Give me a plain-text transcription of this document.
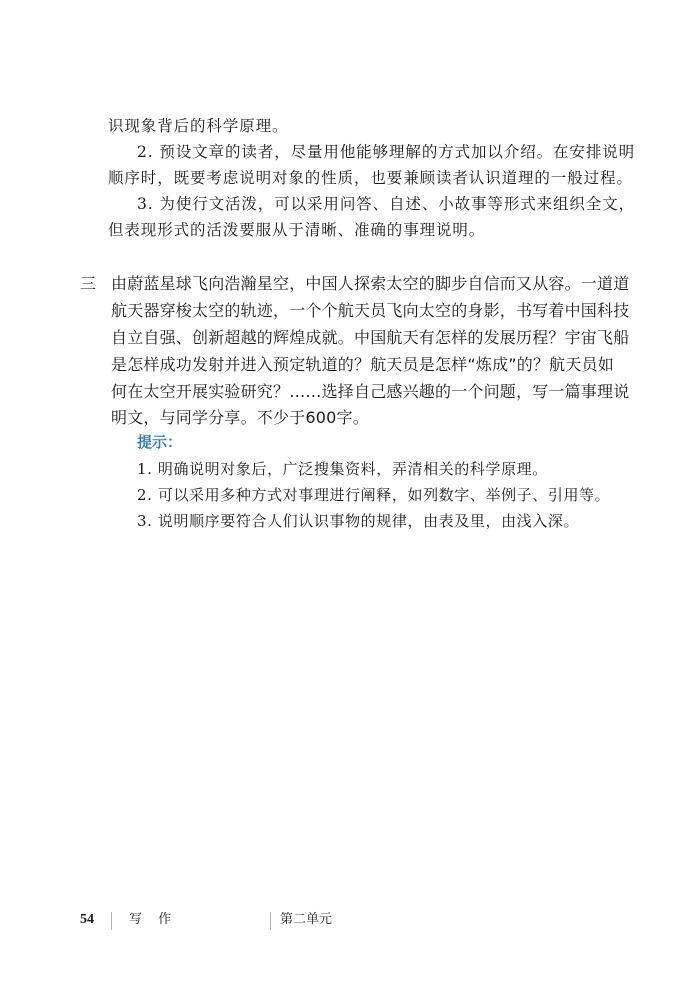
识现象背后的科学原理。
2. 预设文章的读者，尽量用他能够理解的方式加以介绍。在安排说明
顺序时，既要考虑说明对象的性质，也要兼顾读者认识道理的一般过程。
3. 为使行文活泼，可以采用问答、自述、小故事等形式来组织全文，
但表现形式的活泼要服从于清晰、准确的事理说明。
三 由蔚蓝星球飞向浩瀚星空，中国人探索太空的脚步自信而又从容。一道道
航天器穿梭太空的轨迹，一个个航天员飞向太空的身影，书写着中国科技
自立自强、创新超越的辉煌成就。中国航天有怎样的发展历程？宇宙飞船
是怎样成功发射并进入预定轨道的？航天员是怎样“炼成”的？航天员如
何在太空开展实验研究？……选择自己感兴趣的一个问题，写一篇事理说
明文，与同学分享。不少于600字。
提示：
1. 明确说明对象后，广泛搜集资料，弄清相关的科学原理。
2. 可以采用多种方式对事理进行阐释，如列数字、举例子、引用等。
3. 说明顺序要符合人们认识事物的规律，由表及里，由浅入深。
54	写 作	第二单元
